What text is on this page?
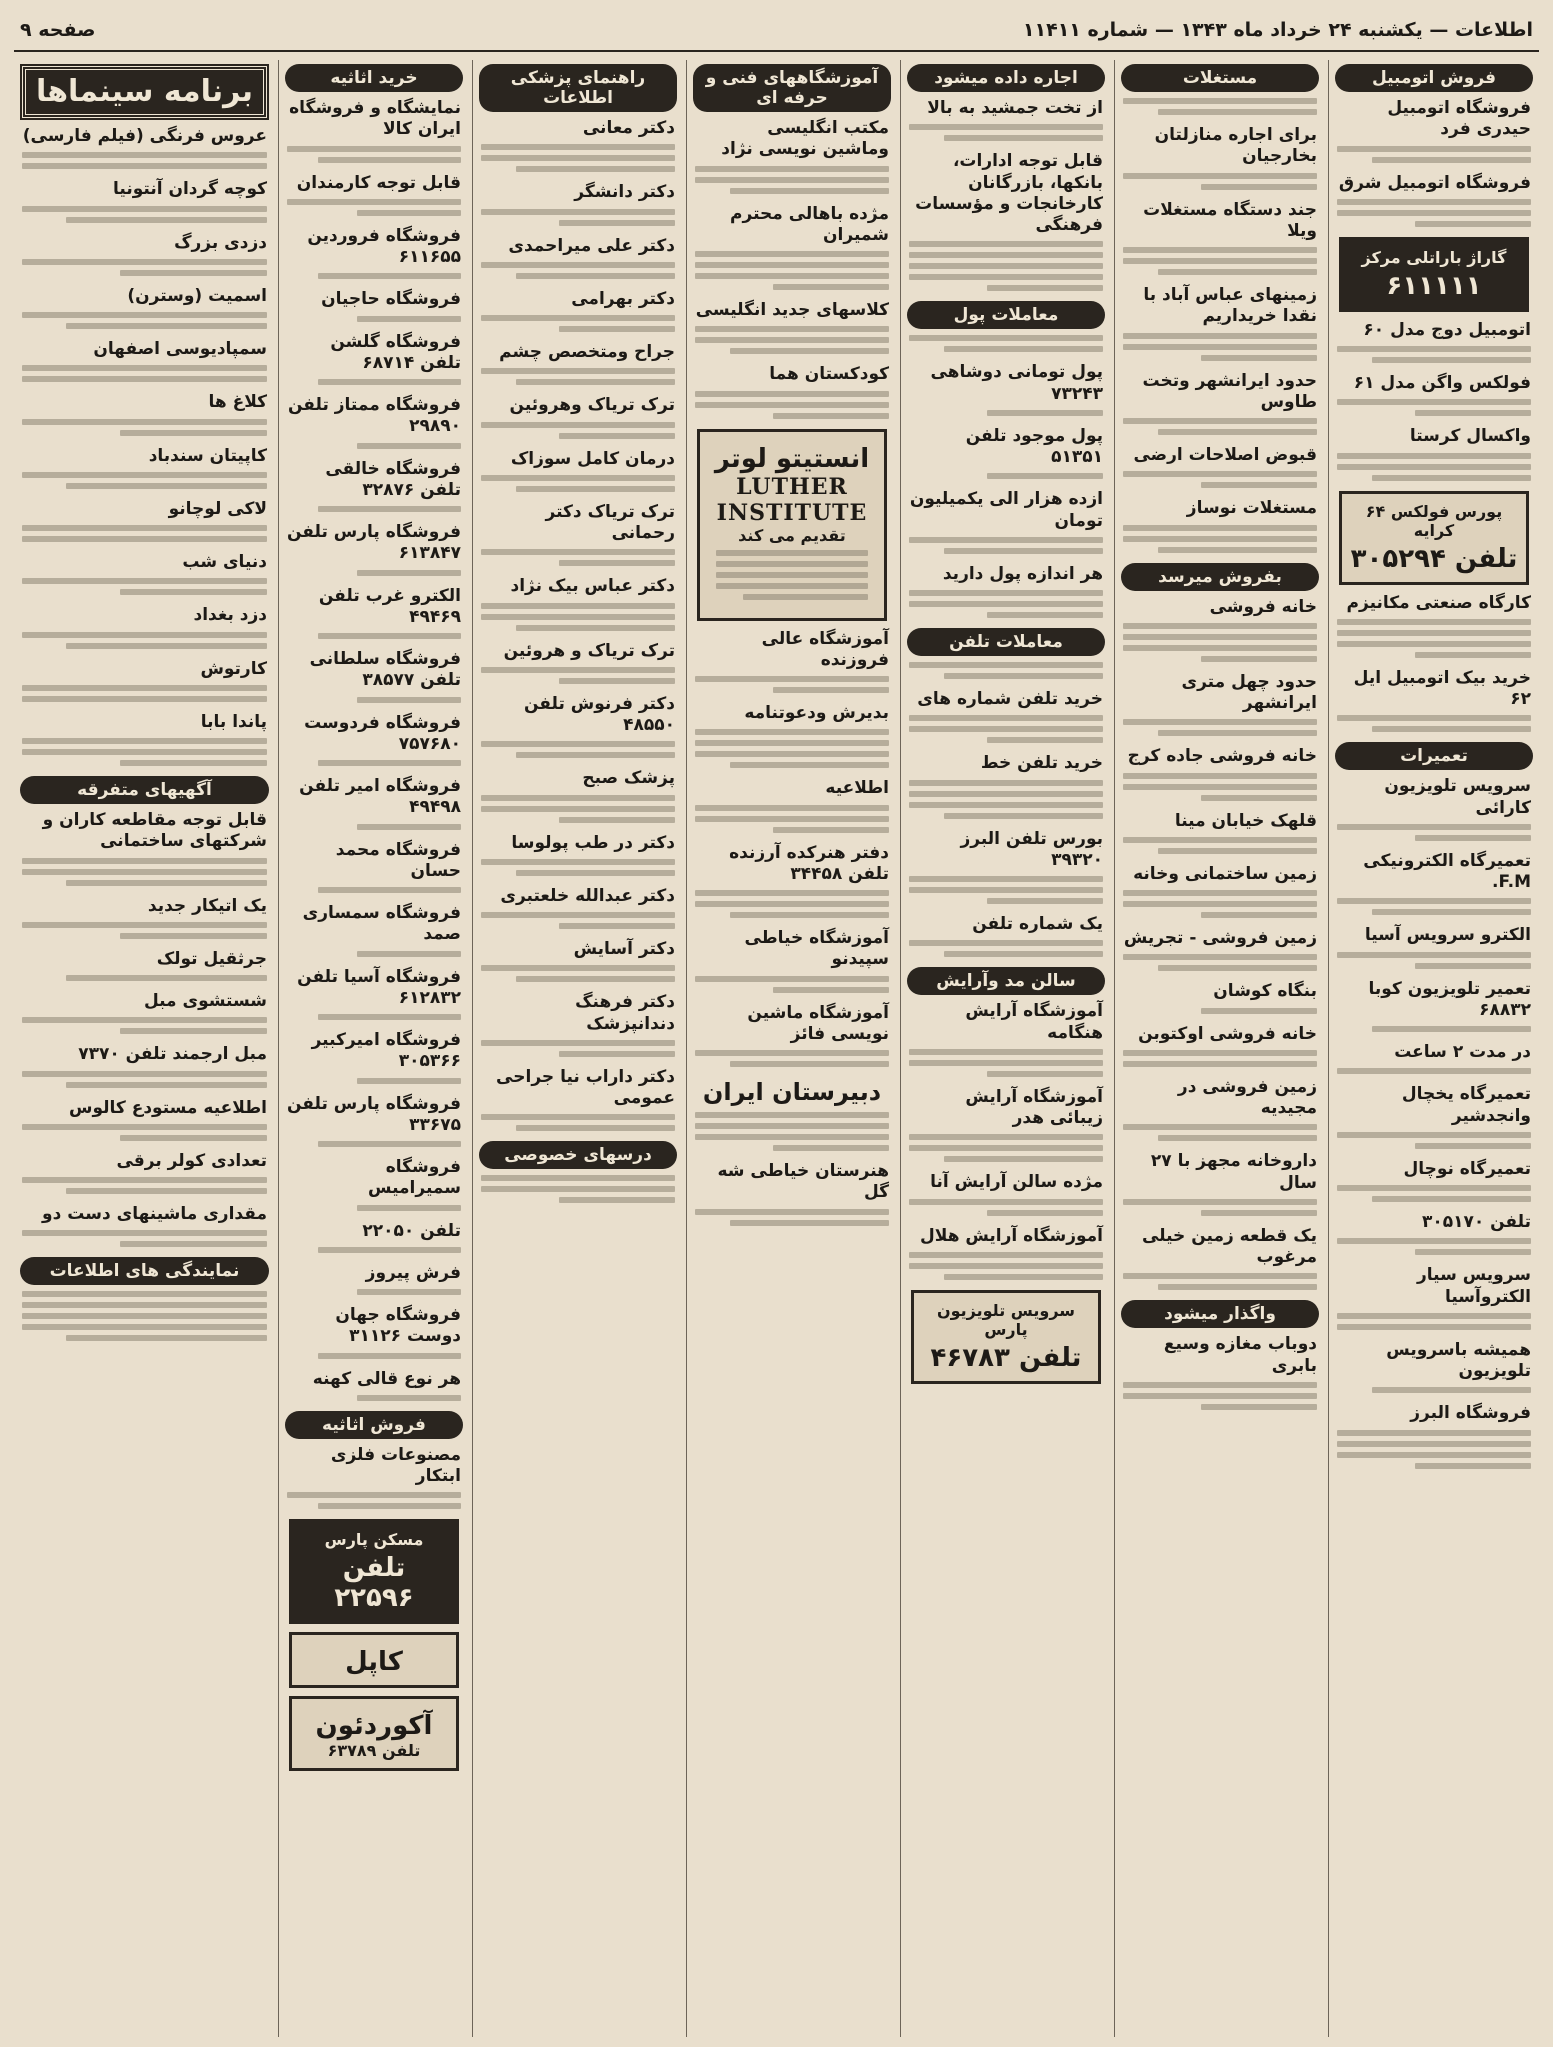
اطلاعات — یکشنبه ۲۴ خرداد ماه ۱۳۴۳ — شماره ۱۱۴۱۱
صفحه ۹
فروش اتومبیل
فروشگاه اتومبیل حیدری فرد
فروشگاه اتومبیل شرق
گاراژ باراتلی مرکز
۶۱۱۱۱۱
اتومبیل دوج مدل ۶۰
فولکس واگن مدل ۶۱
واکسال کرستا
پورس فولکس ۶۴ کرایه
تلفن ۳۰۵۲۹۴
کارگاه صنعتی مکانیزم
خرید بیک اتومبیل ایل ۶۲
تعمیرات
سرویس تلویزیون کارائی
تعمیرگاه الکترونیکی F.M.
الکترو سرویس آسیا
تعمیر تلویزیون کوبا ۶۸۸۳۲
در مدت ۲ ساعت
تعمیرگاه یخچال وانجدشیر
تعمیرگاه نوچال
تلفن ۳۰۵۱۷۰
سرویس سیار الکتروآسیا
همیشه باسرویس تلویزیون
فروشگاه البرز
مستغلات
برای اجاره منازلتان بخارجیان
جند دستگاه مستغلات ویلا
زمینهای عباس آباد با نقدا خریداریم
حدود ایرانشهر وتخت طاوس
قبوض اصلاحات ارضی
مستغلات نوساز
بفروش میرسد
خانه فروشی
حدود چهل متری ایرانشهر
خانه فروشی جاده کرج
قلهک خیابان مینا
زمین ساختمانی وخانه
زمین فروشی - تجریش
بنگاه کوشان
خانه فروشی اوکتوبن
زمین فروشی در مجیدیه
داروخانه مجهز با ۲۷ سال
یک قطعه زمین خیلی مرغوب
واگذار میشود
دوباب مغازه وسیع بابری
اجاره داده میشود
از تخت جمشید به بالا
قابل توجه ادارات، بانکها، بازرگانان کارخانجات و مؤسسات فرهنگی
معاملات پول
پول تومانی دوشاهی ۷۳۲۴۳
پول موجود تلفن ۵۱۳۵۱
ازده هزار الی یکمیلیون تومان
هر اندازه پول دارید
معاملات تلفن
خرید تلفن شماره های
خرید تلفن خط
بورس تلفن البرز ۳۹۳۲۰
یک شماره تلفن
سالن مد وآرایش
آموزشگاه آرایش هنگامه
آموزشگاه آرایش زیبائی هدر
مژده سالن آرایش آنا
آموزشگاه آرایش هلال
سرویس تلویزیون پارس
تلفن ۴۶۷۸۳
آموزشگاههای فنی و حرفه ای
مکتب انگلیسی وماشین نویسی نژاد
مژده باهالی محترم شمیران
کلاسهای جدید انگلیسی
کودکستان هما
انستیتو لوتر
LUTHER INSTITUTE
تقدیم می کند
آموزشگاه عالی فروزنده
بدیرش ودعوتنامه
اطلاعیه
دفتر هنرکده آرزنده تلفن ۳۴۴۵۸
آموزشگاه خیاطی سپیدنو
آموزشگاه ماشین نویسی فائز
دبیرستان ایران
هنرستان خیاطی شه گل
راهنمای پزشکی اطلاعات
دکتر معانی
دکتر دانشگر
دکتر علی میراحمدی
دکتر بهرامی
جراح ومتخصص چشم
ترک تریاک وهروئین
درمان کامل سوزاک
ترک تریاک دکتر رحمانی
دکتر عباس بیک نژاد
ترک تریاک و هروئین
دکتر فرنوش تلفن ۴۸۵۵۰
پزشک صبح
دکتر در طب پولوسا
دکتر عبدالله خلعتبری
دکتر آسایش
دکتر فرهنگ دندانپزشک
دکتر داراب نیا جراحی عمومی
درسهای خصوصی
خرید اثاثیه
نمایشگاه و فروشگاه ایران کالا
قابل توجه کارمندان
فروشگاه فروردین ۶۱۱۶۵۵
فروشگاه حاجیان
فروشگاه گلشن تلفن ۶۸۷۱۴
فروشگاه ممتاز تلفن ۲۹۸۹۰
فروشگاه خالقی تلفن ۳۲۸۷۶
فروشگاه پارس تلفن ۶۱۳۸۴۷
الکترو غرب تلفن ۴۹۴۶۹
فروشگاه سلطانی تلفن ۳۸۵۷۷
فروشگاه فردوست ۷۵۷۶۸۰
فروشگاه امیر تلفن ۴۹۴۹۸
فروشگاه محمد حسان
فروشگاه سمساری صمد
فروشگاه آسیا تلفن ۶۱۲۸۳۲
فروشگاه امیرکبیر ۳۰۵۳۶۶
فروشگاه پارس تلفن ۳۳۶۷۵
فروشگاه سمیرامیس
تلفن ۲۲۰۵۰
فرش پیروز
فروشگاه جهان دوست ۳۱۱۲۶
هر نوع قالی کهنه
فروش اثاثیه
مصنوعات فلزی ابتکار
مسکن پارس
تلفن ۲۲۵۹۶
کاپل
آکوردئون
تلفن ۶۳۷۸۹
برنامه سینماها
عروس فرنگی (فیلم فارسی)
کوچه گردان آنتونیا
دزدی بزرگ
اسمیت (وسترن)
سمپادیوسی اصفهان
کلاغ ها
کاپیتان سندباد
لاکی لوچانو
دنیای شب
دزد بغداد
کارتوش
پاندا بابا
آگهیهای متفرقه
قابل توجه مقاطعه کاران و شرکتهای ساختمانی
یک اتیکار جدید
جرثقیل تولک
شستشوی مبل
مبل ارجمند تلفن ۷۳۷۰
اطلاعیه مستودع کالوس
تعدادی کولر برقی
مقداری ماشینهای دست دو
نمایندگی های اطلاعات
